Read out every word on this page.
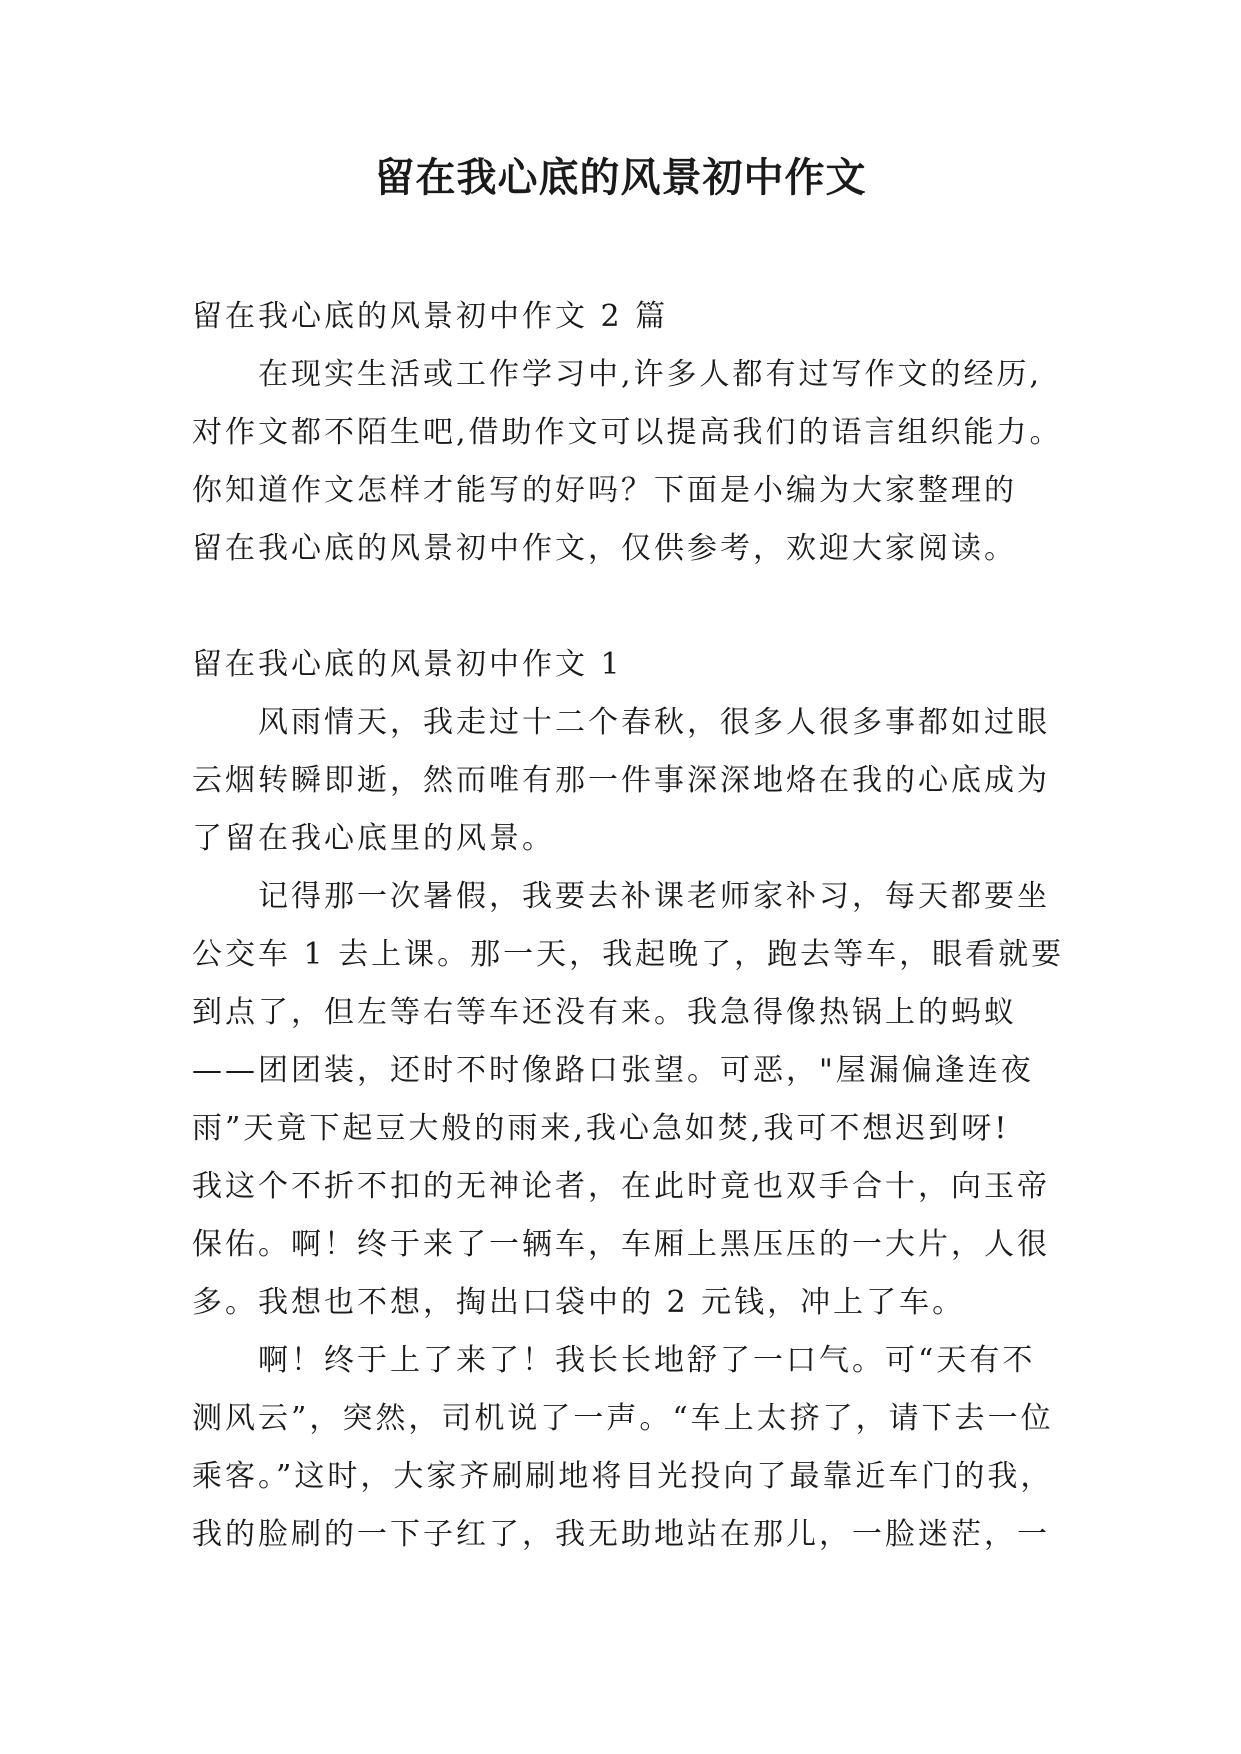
留在我心底的风景初中作文
留在我心底的风景初中作文 2 篇
在现实生活或工作学习中,许多人都有过写作文的经历,
对作文都不陌生吧,借助作文可以提高我们的语言组织能力。
你知道作文怎样才能写的好吗？下面是小编为大家整理的
留在我心底的风景初中作文，仅供参考，欢迎大家阅读。
留在我心底的风景初中作文 1
风雨情天，我走过十二个春秋，很多人很多事都如过眼
云烟转瞬即逝，然而唯有那一件事深深地烙在我的心底成为
了留在我心底里的风景。
记得那一次暑假，我要去补课老师家补习，每天都要坐
公交车 1 去上课。那一天，我起晚了，跑去等车，眼看就要
到点了，但左等右等车还没有来。我急得像热锅上的蚂蚁
——团团装，还时不时像路口张望。可恶，"屋漏偏逢连夜
雨”天竟下起豆大般的雨来,我心急如焚,我可不想迟到呀!
我这个不折不扣的无神论者，在此时竟也双手合十，向玉帝
保佑。啊！终于来了一辆车，车厢上黑压压的一大片，人很
多。我想也不想，掏出口袋中的 2 元钱，冲上了车。
啊！终于上了来了！我长长地舒了一口气。可“天有不
测风云”，突然，司机说了一声。“车上太挤了，请下去一位
乘客。”这时，大家齐刷刷地将目光投向了最靠近车门的我，
我的脸刷的一下子红了，我无助地站在那儿，一脸迷茫，一
